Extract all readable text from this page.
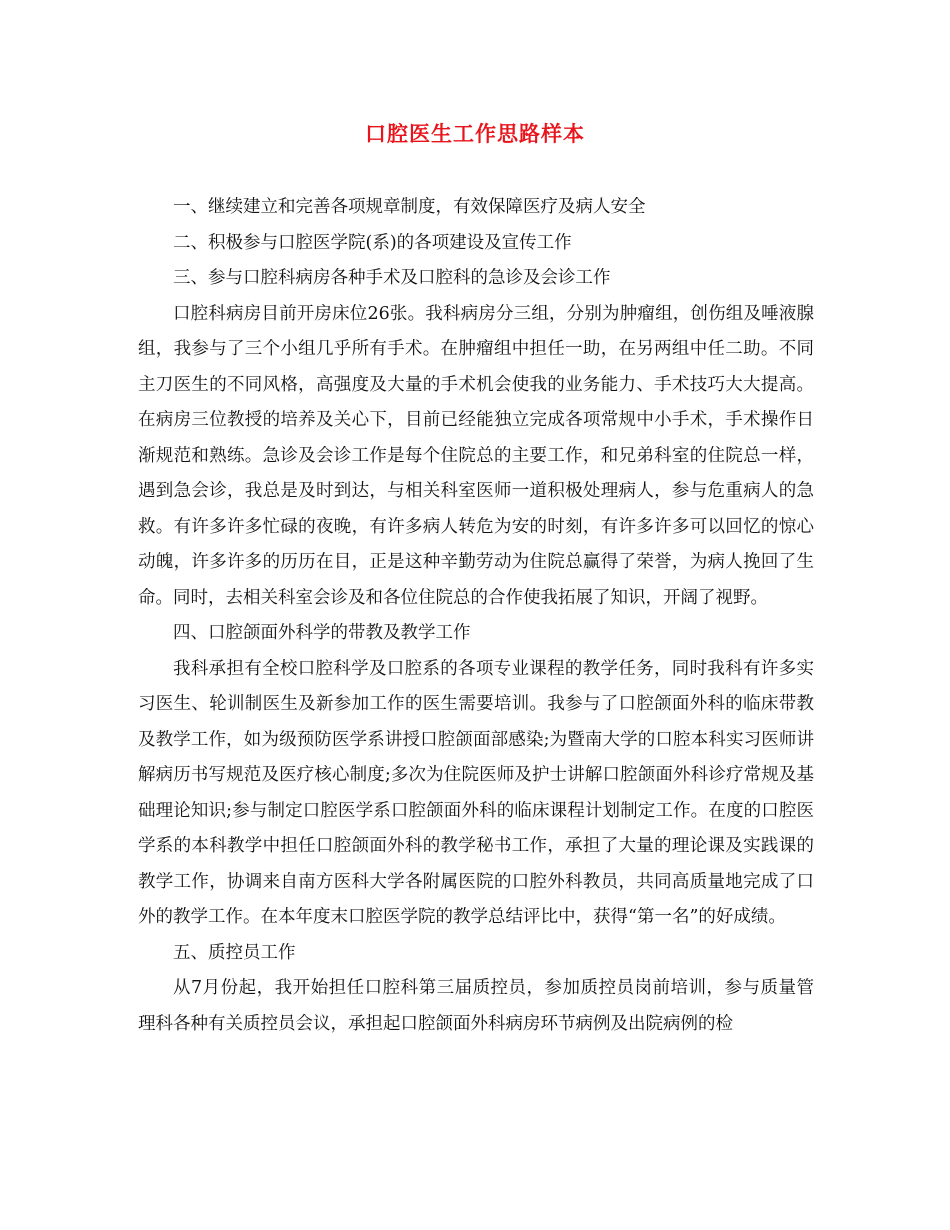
口腔医生工作思路样本

一、继续建立和完善各项规章制度，有效保障医疗及病人安全

二、积极参与口腔医学院(系)的各项建设及宣传工作

三、参与口腔科病房各种手术及口腔科的急诊及会诊工作

口腔科病房目前开房床位26张。我科病房分三组，分别为肿瘤组，创伤组及唾液腺组，我参与了三个小组几乎所有手术。在肿瘤组中担任一助，在另两组中任二助。不同主刀医生的不同风格，高强度及大量的手术机会使我的业务能力、手术技巧大大提高。在病房三位教授的培养及关心下，目前已经能独立完成各项常规中小手术，手术操作日渐规范和熟练。急诊及会诊工作是每个住院总的主要工作，和兄弟科室的住院总一样，遇到急会诊，我总是及时到达，与相关科室医师一道积极处理病人，参与危重病人的急救。有许多许多忙碌的夜晚，有许多病人转危为安的时刻，有许多许多可以回忆的惊心动魄，许多许多的历历在目，正是这种辛勤劳动为住院总赢得了荣誉，为病人挽回了生命。同时，去相关科室会诊及和各位住院总的合作使我拓展了知识，开阔了视野。

四、口腔颌面外科学的带教及教学工作

我科承担有全校口腔科学及口腔系的各项专业课程的教学任务，同时我科有许多实习医生、轮训制医生及新参加工作的医生需要培训。我参与了口腔颌面外科的临床带教及教学工作，如为级预防医学系讲授口腔颌面部感染;为暨南大学的口腔本科实习医师讲解病历书写规范及医疗核心制度;多次为住院医师及护士讲解口腔颌面外科诊疗常规及基础理论知识;参与制定口腔医学系口腔颌面外科的临床课程计划制定工作。在度的口腔医学系的本科教学中担任口腔颌面外科的教学秘书工作，承担了大量的理论课及实践课的教学工作，协调来自南方医科大学各附属医院的口腔外科教员，共同高质量地完成了口外的教学工作。在本年度末口腔医学院的教学总结评比中，获得“第一名”的好成绩。

五、质控员工作

从7月份起，我开始担任口腔科第三届质控员，参加质控员岗前培训，参与质量管理科各种有关质控员会议，承担起口腔颌面外科病房环节病例及出院病例的检
